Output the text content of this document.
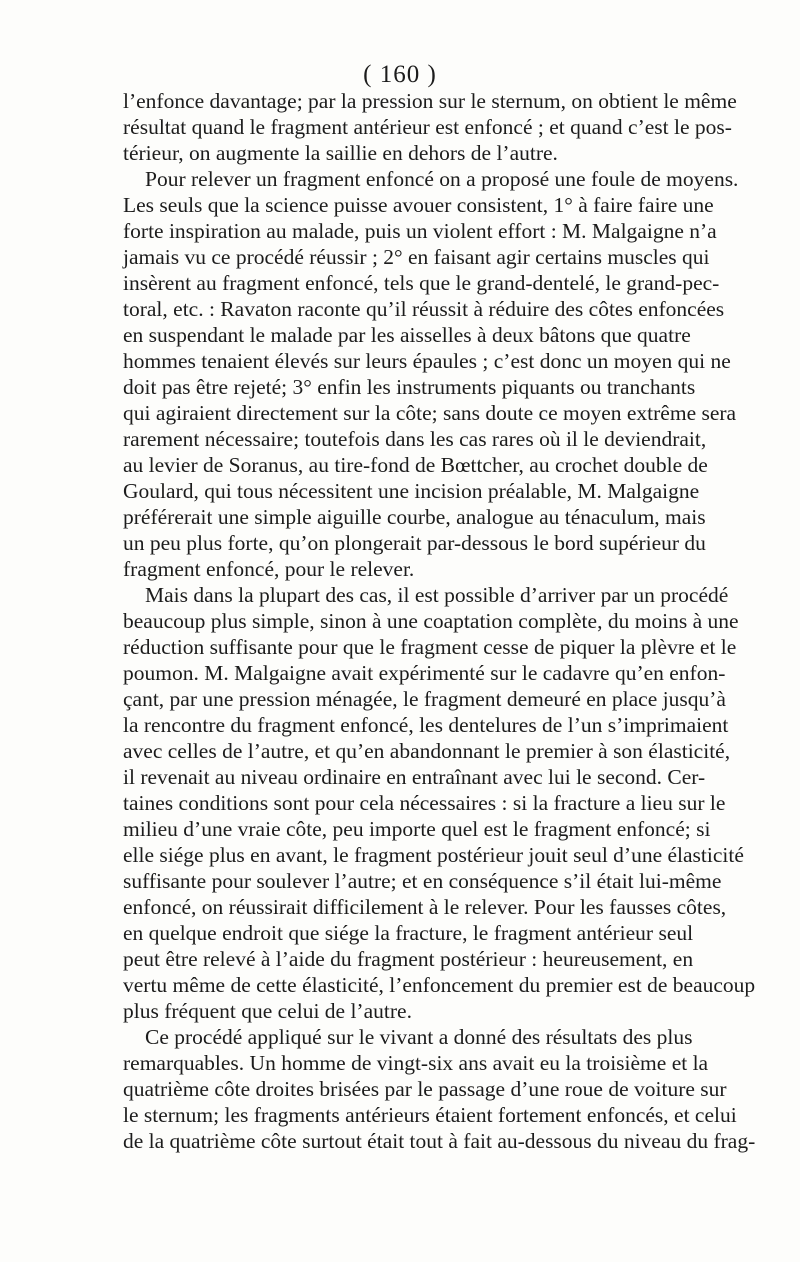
( 160 )
l’enfonce davantage; par la pression sur le sternum, on obtient le même
résultat quand le fragment antérieur est enfoncé ; et quand c’est le pos-
térieur, on augmente la saillie en dehors de l’autre.
Pour relever un fragment enfoncé on a proposé une foule de moyens.
Les seuls que la science puisse avouer consistent, 1° à faire faire une
forte inspiration au malade, puis un violent effort : M. Malgaigne n’a
jamais vu ce procédé réussir ; 2° en faisant agir certains muscles qui
insèrent au fragment enfoncé, tels que le grand-dentelé, le grand-pec-
toral, etc. : Ravaton raconte qu’il réussit à réduire des côtes enfoncées
en suspendant le malade par les aisselles à deux bâtons que quatre
hommes tenaient élevés sur leurs épaules ; c’est donc un moyen qui ne
doit pas être rejeté; 3° enfin les instruments piquants ou tranchants
qui agiraient directement sur la côte; sans doute ce moyen extrême sera
rarement nécessaire; toutefois dans les cas rares où il le deviendrait,
au levier de Soranus, au tire-fond de Bœttcher, au crochet double de
Goulard, qui tous nécessitent une incision préalable, M. Malgaigne
préférerait une simple aiguille courbe, analogue au ténaculum, mais
un peu plus forte, qu’on plongerait par-dessous le bord supérieur du
fragment enfoncé, pour le relever.
Mais dans la plupart des cas, il est possible d’arriver par un procédé
beaucoup plus simple, sinon à une coaptation complète, du moins à une
réduction suffisante pour que le fragment cesse de piquer la plèvre et le
poumon. M. Malgaigne avait expérimenté sur le cadavre qu’en enfon-
çant, par une pression ménagée, le fragment demeuré en place jusqu’à
la rencontre du fragment enfoncé, les dentelures de l’un s’imprimaient
avec celles de l’autre, et qu’en abandonnant le premier à son élasticité,
il revenait au niveau ordinaire en entraînant avec lui le second. Cer-
taines conditions sont pour cela nécessaires : si la fracture a lieu sur le
milieu d’une vraie côte, peu importe quel est le fragment enfoncé; si
elle siége plus en avant, le fragment postérieur jouit seul d’une élasticité
suffisante pour soulever l’autre; et en conséquence s’il était lui-même
enfoncé, on réussirait difficilement à le relever. Pour les fausses côtes,
en quelque endroit que siége la fracture, le fragment antérieur seul
peut être relevé à l’aide du fragment postérieur : heureusement, en
vertu même de cette élasticité, l’enfoncement du premier est de beaucoup
plus fréquent que celui de l’autre.
Ce procédé appliqué sur le vivant a donné des résultats des plus
remarquables. Un homme de vingt-six ans avait eu la troisième et la
quatrième côte droites brisées par le passage d’une roue de voiture sur
le sternum; les fragments antérieurs étaient fortement enfoncés, et celui
de la quatrième côte surtout était tout à fait au-dessous du niveau du frag-
